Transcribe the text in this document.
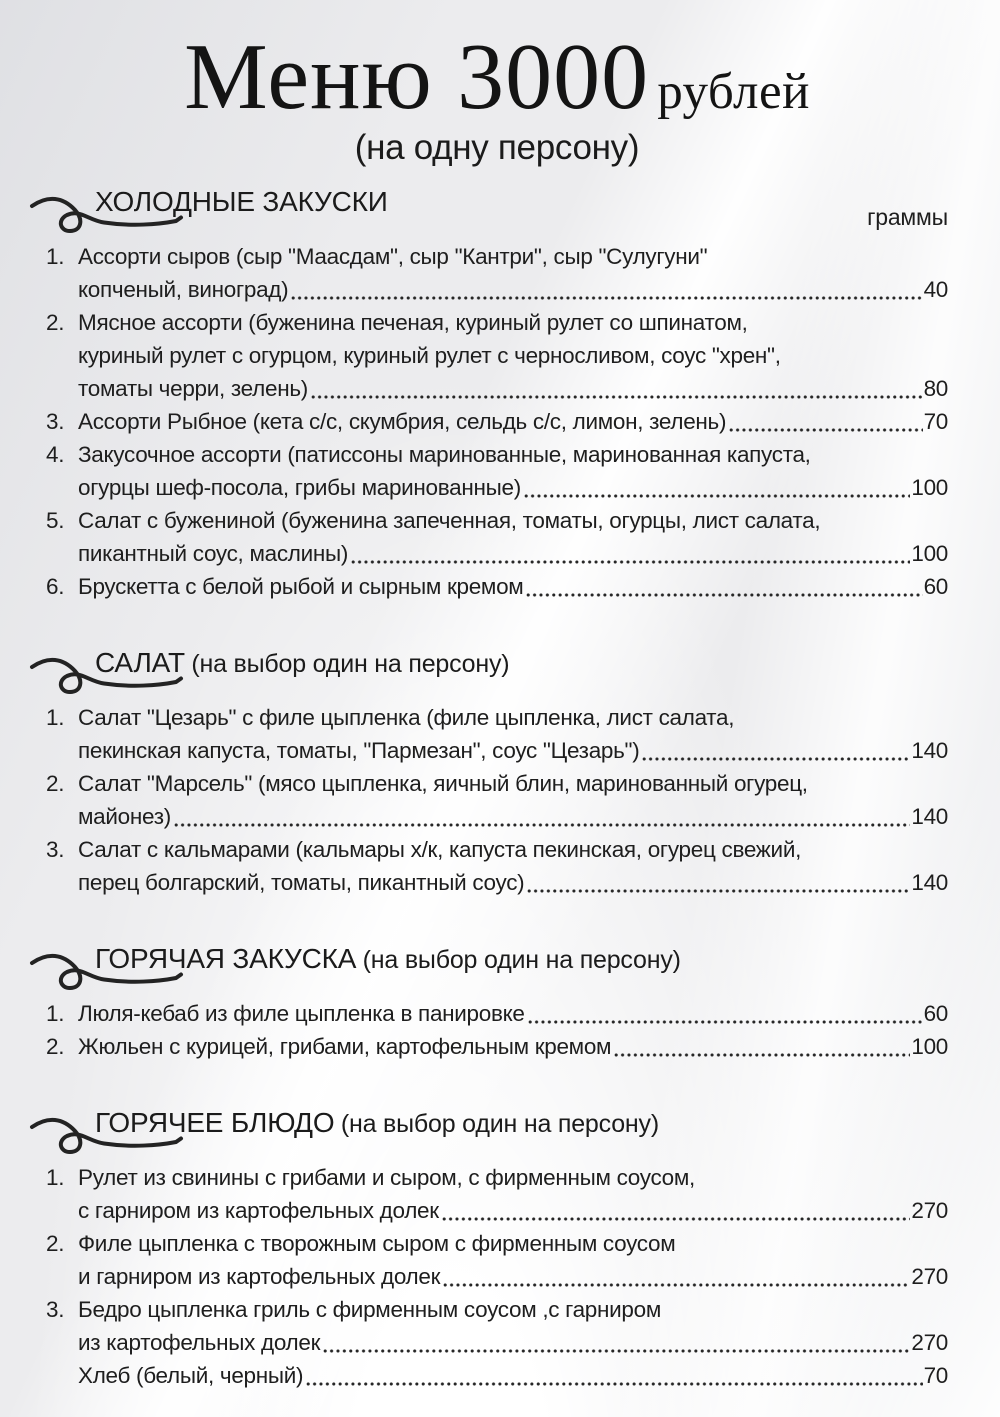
Меню 3000 рублей
(на одну персону)
ХОЛОДНЫЕ ЗАКУСКИ	граммы
1. Ассорти сыров (сыр "Маасдам", сыр "Кантри", сыр "Сулугуни"
копченый, виноград)	40
2. Мясное ассорти (буженина печеная, куриный рулет со шпинатом,
куриный рулет с огурцом, куриный рулет с черносливом, соус "хрен",
томаты черри, зелень)	80
3. Ассорти Рыбное (кета с/с, скумбрия, сельдь с/с, лимон, зелень)	70
4. Закусочное ассорти (патиссоны маринованные, маринованная капуста,
огурцы шеф-посола, грибы маринованные)	100
5. Салат с бужениной (буженина запеченная, томаты, огурцы, лист салата,
пикантный соус, маслины)	100
6. Брускетта с белой рыбой и сырным кремом	60
САЛАТ (на выбор один на персону)
1. Салат "Цезарь" с филе цыпленка (филе цыпленка, лист салата,
пекинская капуста, томаты, "Пармезан", соус "Цезарь")	140
2. Салат "Марсель" (мясо цыпленка, яичный блин, маринованный огурец,
майонез)	140
3. Салат с кальмарами (кальмары х/к, капуста пекинская, огурец свежий,
перец болгарский, томаты, пикантный соус)	140
ГОРЯЧАЯ ЗАКУСКА (на выбор один на персону)
1. Люля-кебаб из филе цыпленка в панировке	60
2. Жюльен с курицей, грибами, картофельным кремом	100
ГОРЯЧЕЕ БЛЮДО (на выбор один на персону)
1. Рулет из свинины с грибами и сыром, с фирменным соусом,
с гарниром из картофельных долек	270
2. Филе цыпленка с творожным сыром с фирменным соусом
и гарниром из картофельных долек	270
3. Бедро цыпленка гриль с фирменным соусом ,с гарниром
из картофельных долек	270
Хлеб (белый, черный)	70
